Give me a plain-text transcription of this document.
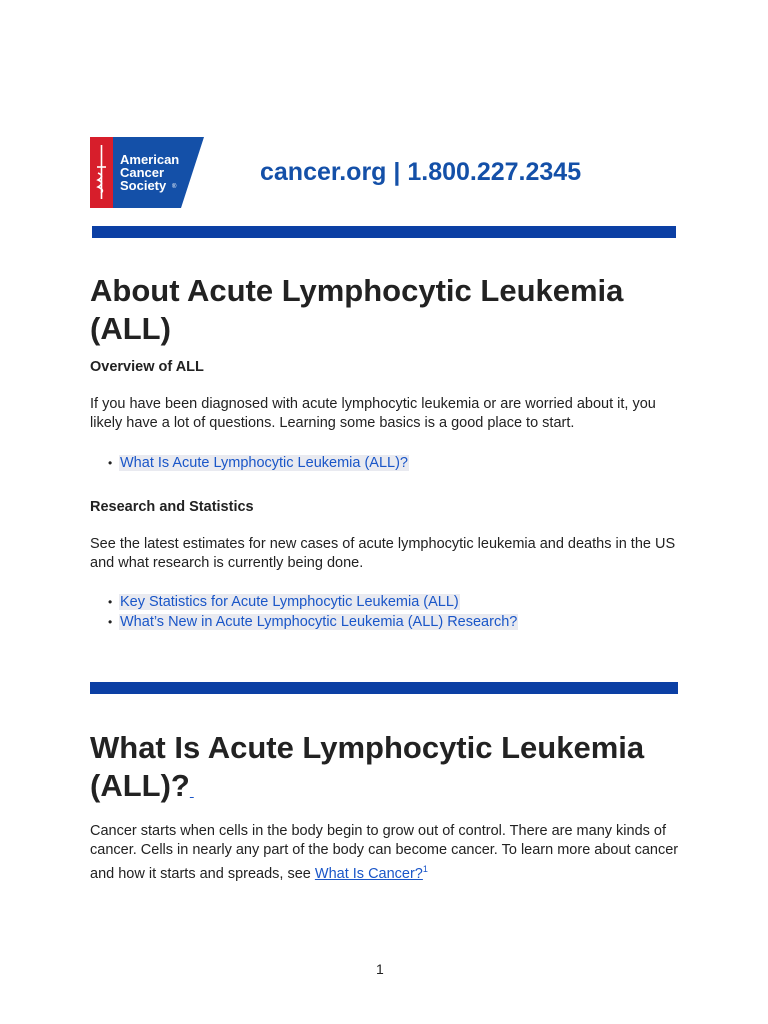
American
Cancer
Society ®

cancer.org | 1.800.227.2345

About Acute Lymphocytic Leukemia (ALL)
Overview of ALL

If you have been diagnosed with acute lymphocytic leukemia or are worried about it, you likely have a lot of questions. Learning some basics is a good place to start.

• What Is Acute Lymphocytic Leukemia (ALL)?
Research and Statistics

See the latest estimates for new cases of acute lymphocytic leukemia and deaths in the US and what research is currently being done.

• Key Statistics for Acute Lymphocytic Leukemia (ALL)
• What’s New in Acute Lymphocytic Leukemia (ALL) Research?
What Is Acute Lymphocytic Leukemia (ALL)?

Cancer starts when cells in the body begin to grow out of control. There are many kinds of cancer. Cells in nearly any part of the body can become cancer. To learn more about cancer and how it starts and spreads, see What Is Cancer?$^1$

1
